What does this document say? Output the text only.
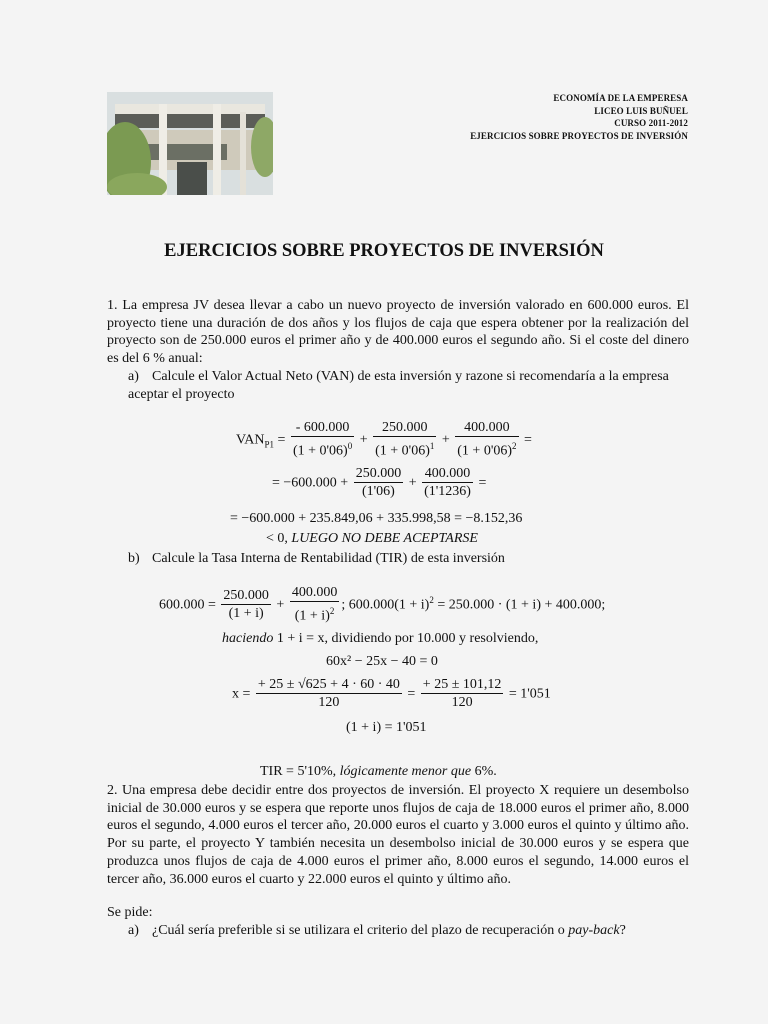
ECONOMÍA DE LA EMPERESA
LICEO LUIS BUÑUEL
CURSO 2011-2012
EJERCICIOS SOBRE PROYECTOS DE INVERSIÓN
EJERCICIOS SOBRE PROYECTOS DE INVERSIÓN
1. La empresa JV desea llevar a cabo un nuevo proyecto de inversión valorado en 600.000 euros. El proyecto tiene una duración de dos años y los flujos de caja que espera obtener por la realización del proyecto son de 250.000 euros el primer año y de 400.000 euros el segundo año. Si el coste del dinero es del 6 % anual:
a) Calcule el Valor Actual Neto (VAN) de esta inversión y razone si recomendaría a la empresa aceptar el proyecto
$VAN_{P1} = \frac{- 600.000}{(1 + 0'06)^0} + \frac{250.000}{(1 + 0'06)^1} + \frac{400.000}{(1 + 0'06)^2}$ =
= $-600.000 + \frac{250.000}{(1'06)} + \frac{400.000}{(1'1236)}$ =
= −600.000 + 235.849,06 + 335.998,58 = −8.152,36
< 0, LUEGO NO DEBE ACEPTARSE
b) Calcule la Tasa Interna de Rentabilidad (TIR) de esta inversión
$600.000 = \frac{250.000}{(1 + i)} + \frac{400.000}{(1 + i)^2}$ ; $600.000(1 + i)^2 = 250.000 \cdot (1 + i) + 400.000$;
haciendo 1 + i = x, dividiendo por 10.000 y resolviendo,
60x² − 25x − 40 = 0
$x = \frac{+ 25 \pm √625 + 4 \cdot 60 \cdot 40}{120} = \frac{+ 25 \pm 101,12}{120} = 1'051$
(1 + i) = 1'051
TIR = 5'10%, lógicamente menor que 6%.
2. Una empresa debe decidir entre dos proyectos de inversión. El proyecto X requiere un desembolso inicial de 30.000 euros y se espera que reporte unos flujos de caja de 18.000 euros el primer año, 8.000 euros el segundo, 4.000 euros el tercer año, 20.000 euros el cuarto y 3.000 euros el quinto y último año. Por su parte, el proyecto Y también necesita un desembolso inicial de 30.000 euros y se espera que produzca unos flujos de caja de 4.000 euros el primer año, 8.000 euros el segundo, 14.000 euros el tercer año, 36.000 euros el cuarto y 22.000 euros el quinto y último año.
Se pide:
a) ¿Cuál sería preferible si se utilizara el criterio del plazo de recuperación o pay-back?
